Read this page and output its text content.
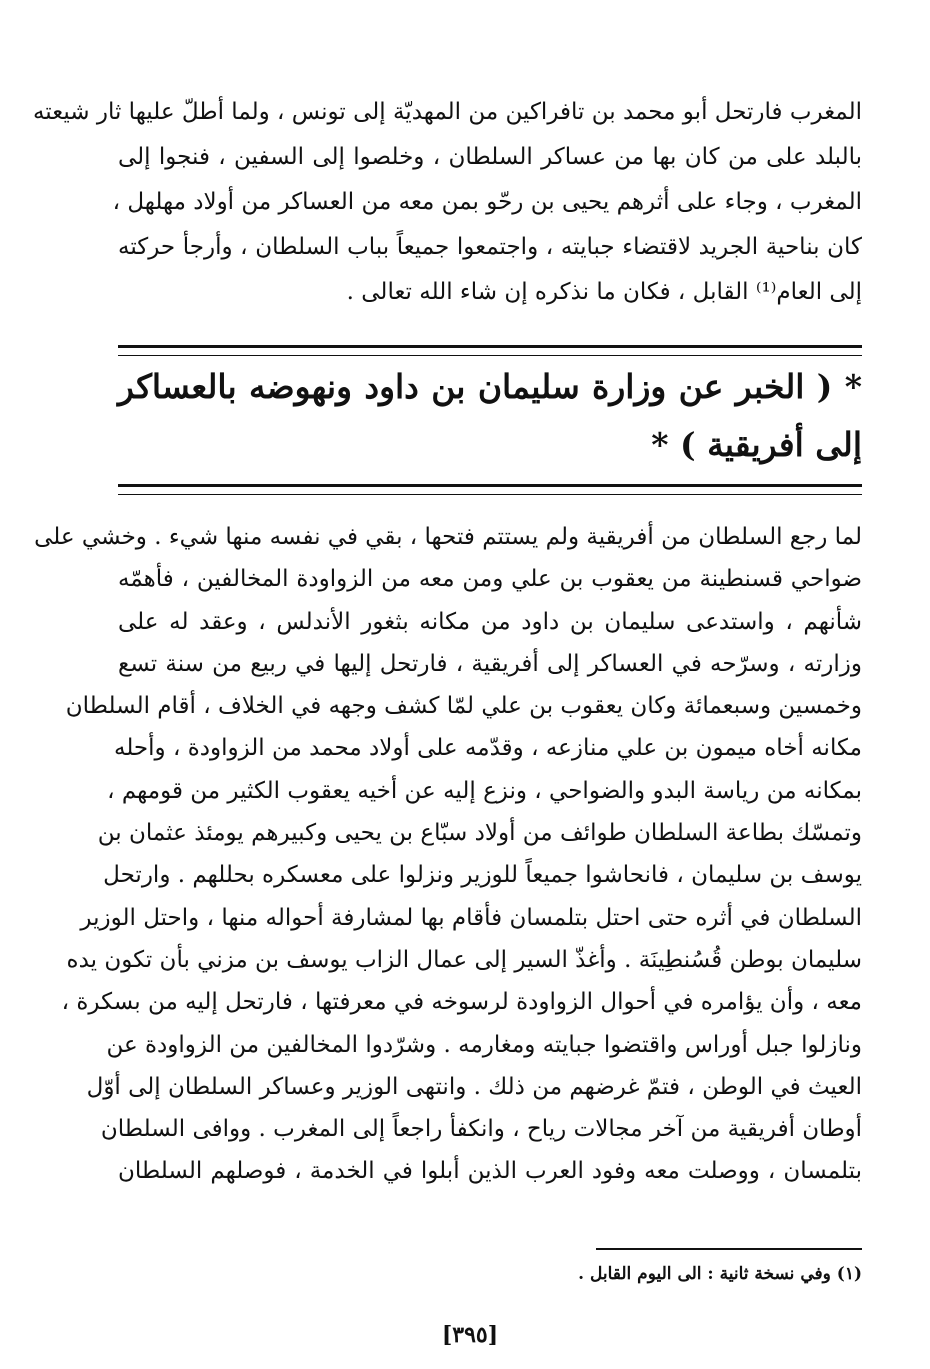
المغرب فارتحل أبو محمد بن تافراكين من المهديّة إلى تونس ، ولما أطلّ عليها ثار شيعته
بالبلد على من كان بها من عساكر السلطان ، وخلصوا إلى السفين ، فنجوا إلى
المغرب ، وجاء على أثرهم يحيى بن رحّو بمن معه من العساكر من أولاد مهلهل ،
كان بناحية الجريد لاقتضاء جبايته ، واجتمعوا جميعاً بباب السلطان ، وأرجأ حركته
إلى العام⁽¹⁾ القابل ، فكان ما نذكره إن شاء الله تعالى .
* ( الخبر عن وزارة سليمان بن داود ونهوضه بالعساكر
إلى أفريقية ) *
لما رجع السلطان من أفريقية ولم يستتم فتحها ، بقي في نفسه منها شيء . وخشي على
ضواحي قسنطينة من يعقوب بن علي ومن معه من الزواودة المخالفين ، فأهمّه
شأنهم ، واستدعى سليمان بن داود من مكانه بثغور الأندلس ، وعقد له على
وزارته ، وسرّحه في العساكر إلى أفريقية ، فارتحل إليها في ربيع من سنة تسع
وخمسين وسبعمائة وكان يعقوب بن علي لمّا كشف وجهه في الخلاف ، أقام السلطان
مكانه أخاه ميمون بن علي منازعه ، وقدّمه على أولاد محمد من الزواودة ، وأحله
بمكانه من رياسة البدو والضواحي ، ونزع إليه عن أخيه يعقوب الكثير من قومهم ،
وتمسّك بطاعة السلطان طوائف من أولاد سبّاع بن يحيى وكبيرهم يومئذ عثمان بن
يوسف بن سليمان ، فانحاشوا جميعاً للوزير ونزلوا على معسكره بحللهم . وارتحل
السلطان في أثره حتى احتل بتلمسان فأقام بها لمشارفة أحواله منها ، واحتل الوزير
سليمان بوطن قُسُنطِينَة . وأغذّ السير إلى عمال الزاب يوسف بن مزني بأن تكون يده
معه ، وأن يؤامره في أحوال الزواودة لرسوخه في معرفتها ، فارتحل إليه من بسكرة ،
ونازلوا جبل أوراس واقتضوا جبايته ومغارمه . وشرّدوا المخالفين من الزواودة عن
العيث في الوطن ، فتمّ غرضهم من ذلك . وانتهى الوزير وعساكر السلطان إلى أوّل
أوطان أفريقية من آخر مجالات رياح ، وانكفأ راجعاً إلى المغرب . ووافى السلطان
بتلمسان ، ووصلت معه وفود العرب الذين أبلوا في الخدمة ، فوصلهم السلطان
(١) وفي نسخة ثانية : الى اليوم القابل .
[٣٩٥]
